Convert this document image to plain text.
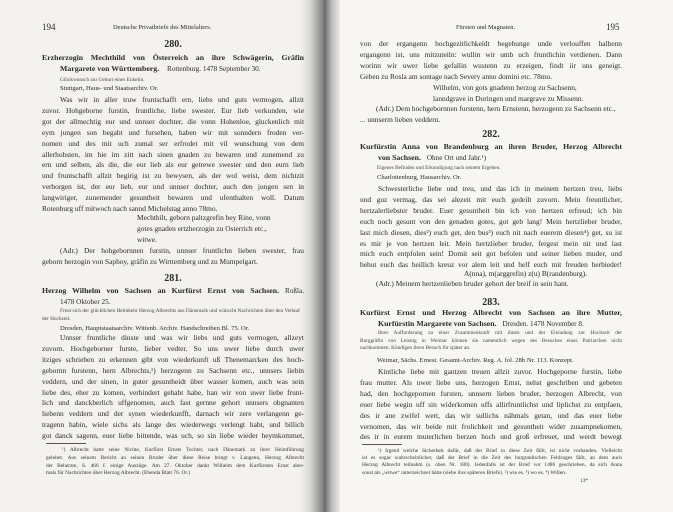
194	Deutsche Privatbriefe des Mittelalters.
280.
Erzherzogin Mechthild von Österreich an ihre Schwägerin, Gräfin
Margarete von Württemberg. Rottenburg. 1478 September 30.
Glückwunsch zur Geburt eines Enkelin.
Stuttgart, Haus- und Staatsarchiv. Or.
Was wir in aller truw fruntschafft ern, liebs und guts vermogen, allzit
zuvor. Hohgeborne furstin, fruntliche, liebe swester. Eur lieb verkunden, wie
got der allmechtig eur und unnser dochter, die vonn Hohenloe, gluckenlich mit
eym jungen son begabt und fursehen, haben wir mit sonndern froden ver-
nomen und des mit uch zumal ser erfrodet mit vil wunschung von dem
allerhohsten, im hie im zitt nach sinen gnaden zu bewaren und zunemend zu
ern und selben, als die, die eur lieb als eur getrewe swester und den eurn lieb
und fruntschafft allzit begirig ist zu bewysen, als der wol weist, dem nichtzit
verborgen ist, der eur lieb, eur und unnser dochter, auch den jungen sen in
langwiriger, zunemender gesuntheit bewaren und ufenthalten woll. Datum
Rotenburg uff mitwoch nach sannd Michelstag anno 78mo.
Mechthilt, geborn paltzgrefin bey Rine, vonn
gotes gnaden ertzherzogin zu Osterrich etc.,
witwe.
(Adr.) Der hohgebornnen furstin, unnser fruntlichn lieben swester, frau
geborn herzogin von Saphoy, gräfin zu Wirttemberg und zu Mumpelgart.
281.
Herzog Wilhelm von Sachsen an Kurfürst Ernst von Sachsen. Roßla.
1478 Oktober 25.
Freut sich der glücklichen Heimkehr Herzog Albrechts aus Dänemark und wünscht Nachrichten über den Verlauf
der Hochzeit.
Dresden, Hauptstaatsarchiv. Wittenb. Archiv. Handschreiben Bl. 75. Or.
Unnser fruntliche dinste und was wir liebs und guts vermogen, allzeyt
zuvorn. Hochgeborner furste, lieber vedter. So uns uwer liebe durch uwer
itziges schrieben zu erkennen gibt von wiederkunft uß Thenemarcken des hoch-
gebornn furstenn, hern Albrechts,¹) herzogenn zu Sachsenn etc., unnsers liebin
veddern, und der sinen, in guter gesuntheidt über wasser komen, auch was sein
liebe des, eher zu komen, verhindert gehabt habe, han wir von uwer liebe frunt-
lich und danckberlich uffgenomen, auch fast gernne gehort unnsers obgnanten
liebenn veddern und der synen wiederkunfft, darnach wir zere verlangenn ge-
tragenn habin, wiele sichs als lange des wiederwegs verlengt habt, und billich
got danck sagenn, euer liebe bittende, was uch, so sin liebe wieder heymkommet,
¹) Albrecht hatte seine Nichte, Kurfürst Ernsts Tochter, nach Dänemark zu ihrer Heimführung
geleitet. Aus seinem Bericht an seinen Bruder über diese Reise bringt v. Langenn, Herzog Albrecht
der Beherzte, S. 466 f. einige Auszüge. Am 27. Oktober dankt Wilhelm dem Kurfürsten Ernst aber-
mals für Nachrichten über Herzog Albrecht. (Ebenda Blatt 76. Or.)
Fürsten und Magnaten.	195
von der ergangenn hochgezitlichkeidt begebunge unde verlouffen halbenn
ergangenn ist, uns mitzuteiln: wullin wir umb uch fruntlichin verdienen. Dann
worinn wir uwer liebe gefallin wustenn zu erzeigen, findt iir uns geneigt.
Geben zu Rosla am sontage nach Severy anno domini etc. 78mo.
Wilhelm, von gots gnadenn herzog zu Sachsenn,
lanndgrave in Doringen und margrave zu Missenn.
(Adr.) Dem hochgebornnen furstenn, hern Ernstenn, herzogenn zu Sachsenn etc.,
... unnserm lieben veddern.
282.
Kurfürstin Anna von Brandenburg an ihren Bruder, Herzog Albrecht
von Sachsen. Ohne Ort und Jahr.¹)
Eigenes Befinden und Erkundigung nach seinem Ergehen.
Charlottenburg, Hausarchiv. Or.
Schwesterliche liebe und treu, und das ich in meinem hertzen treu, liebs
und guz vermag, das sei alezeit mit euch gedeilt zuvorn. Mein freuntlicher,
hertzalerliebster bruder. Euer gesuntheit bin ich von hertzen erfreud; ich bin
euch noch gesunt von den genaden gotes, got geb lang! Mein hertzlieber bruder,
last mich diesen, dies²) euch get, den bus³) euch nit nach euerem diesen⁴) get, su ist
es mir je von hertzen leit. Mein hertzlieber bruder, fergest mein nit und last
mich euch entpfolen sein! Domit seit got befolen und seiner lieben muder, und
behut euch das heillich kreuz vor alem leit und helf euch mit freuden herbieder!
A(nna), m(arggrefin) z(u) B(randenburg).
(Adr.) Meinem hertzenlieben bruder gehort der breif in sein hant.
283.
Kurfürst Ernst und Herzog Albrecht von Sachsen an ihre Mutter,
Kurfürstin Margarete von Sachsen. Dresden. 1478 November 8.
Ihrer Aufforderung zu einer Zusammenkunft mit ihnen und der Einladung zur Hochzeit der
Burggräfin von Leisnig in Weimar können sie namentlich wegen des Besuches eines Patriarchen nicht
nachkommen. Kündigen ihren Besuch für später an.
Weimar, Sächs. Ernest. Gesamt-Archiv. Reg. A. fol. 28b Nr. 113. Konzept.
Kintliche liebe mit gantzen treuen allzit zuvor. Hochgeporne furstin, liebe
frau mutter. Als uwer liebe uns, herzogen Ernst, nehst geschriben und gebeten
had, den hochgepornen fursten, unnsern lieben bruder, herzogen Albrecht, von
euer liebe wegin uff sin widerkomen uffs allirfruntlichst und liplichst zu entpfaen,
des ir ane zwifel wert, das wir sullichs nähmals getan, und das euer liebe
vernomen, das wir beide mit frolichkeit und gesuntheit wider zusampnekomen,
des ir in eurem muterlichen herzen hoch und groß erfreuet, und werdt bewegt
¹) Irgend welche Sicherheit dafür, daß der Brief in diese Zeit fällt, ist nicht vorhanden. Vielleicht
ist es sogar wahrscheinlicher, daß der Brief in die Zeit des burgundischen Feldzuges fällt, an dem auch
Herzog Albrecht teilnahm (s. oben Nr. 180). Jedenfalls ist der Brief vor 1486 geschrieben, da sich Anna
sonst als „witwe“ unterzeichnet hätte (siehe ihre späteren Briefe). ²) wie es. ³) wo es. ⁴) Willen.
13*
